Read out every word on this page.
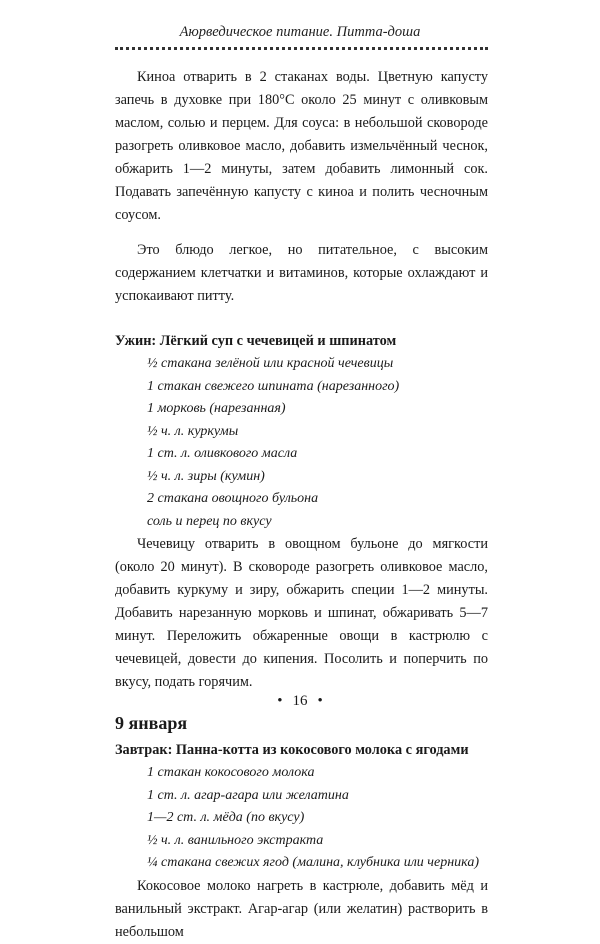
Аюрведическое питание. Питта-доша

Киноа отварить в 2 стаканах воды. Цветную капусту запечь в духовке при 180°C около 25 минут с оливковым маслом, солью и перцем. Для соуса: в небольшой сковороде разогреть оливковое масло, добавить измельчённый чеснок, обжарить 1—2 минуты, затем добавить лимонный сок. Подавать запечённую капусту с киноа и полить чесночным соусом.

Это блюдо легкое, но питательное, с высоким содержанием клетчатки и витаминов, которые охлаждают и успокаивают питту.

Ужин: Лёгкий суп с чечевицей и шпинатом
½ стакана зелёной или красной чечевицы
1 стакан свежего шпината (нарезанного)
1 морковь (нарезанная)
½ ч. л. куркумы
1 ст. л. оливкового масла
½ ч. л. зиры (кумин)
2 стакана овощного бульона
соль и перец по вкусу

Чечевицу отварить в овощном бульоне до мягкости (около 20 минут). В сковороде разогреть оливковое масло, добавить куркуму и зиру, обжарить специи 1—2 минуты. Добавить нарезанную морковь и шпинат, обжаривать 5—7 минут. Переложить обжаренные овощи в кастрюлю с чечевицей, довести до кипения. Посолить и поперчить по вкусу, подать горячим.

9 января
Завтрак: Панна-котта из кокосового молока с ягодами
1 стакан кокосового молока
1 ст. л. агар-агара или желатина
1—2 ст. л. мёда (по вкусу)
½ ч. л. ванильного экстракта
¼ стакана свежих ягод (малина, клубника или черника)

Кокосовое молоко нагреть в кастрюле, добавить мёд и ванильный экстракт. Агар-агар (или желатин) растворить в небольшом

• 16 •
